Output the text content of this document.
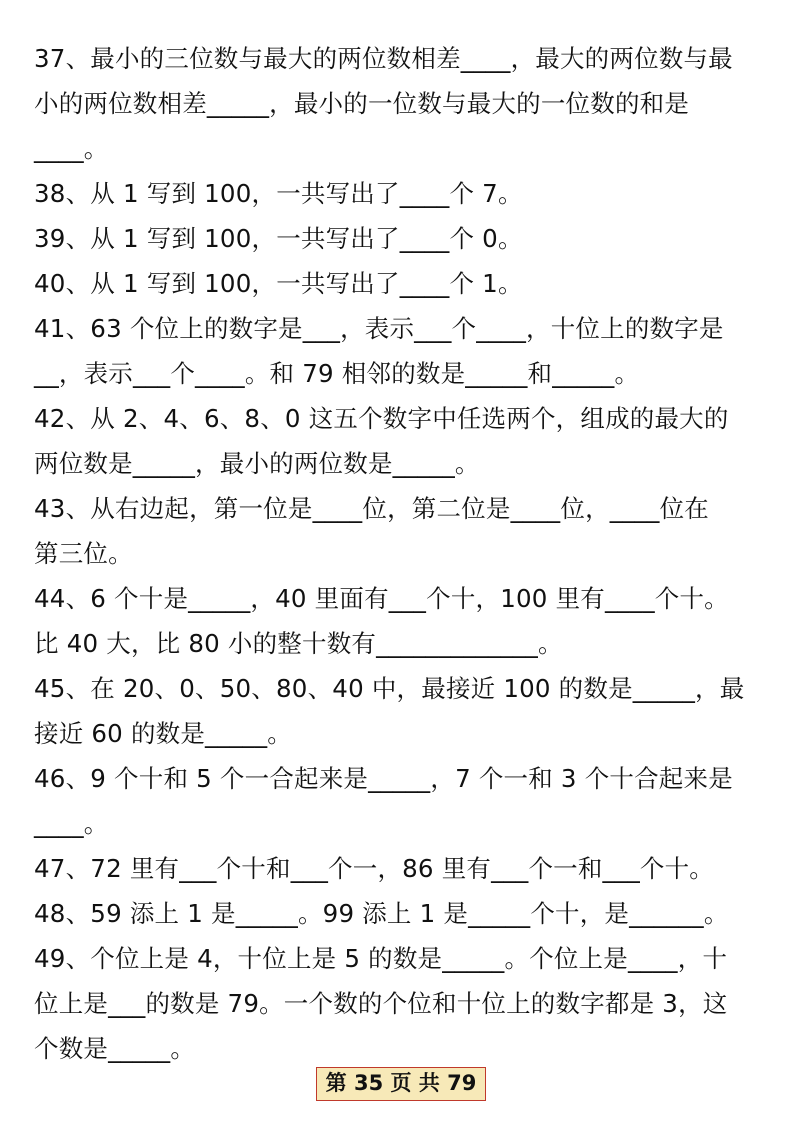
37、最小的三位数与最大的两位数相差____，最大的两位数与最
小的两位数相差_____，最小的一位数与最大的一位数的和是
____。
38、从 1 写到 100，一共写出了____个 7。
39、从 1 写到 100，一共写出了____个 0。
40、从 1 写到 100，一共写出了____个 1。
41、63 个位上的数字是___，表示___个____，十位上的数字是
__，表示___个____。和 79 相邻的数是_____和_____。
42、从 2、4、6、8、0 这五个数字中任选两个，组成的最大的
两位数是_____，最小的两位数是_____。
43、从右边起，第一位是____位，第二位是____位，____位在
第三位。
44、6 个十是_____，40 里面有___个十，100 里有____个十。
比 40 大，比 80 小的整十数有_____________。
45、在 20、0、50、80、40 中，最接近 100 的数是_____，最
接近 60 的数是_____。
46、9 个十和 5 个一合起来是_____，7 个一和 3 个十合起来是
____。
47、72 里有___个十和___个一，86 里有___个一和___个十。
48、59 添上 1 是_____。99 添上 1 是_____个十，是______。
49、个位上是 4，十位上是 5 的数是_____。个位上是____，十
位上是___的数是 79。一个数的个位和十位上的数字都是 3，这
个数是_____。
第 35 页 共 79
